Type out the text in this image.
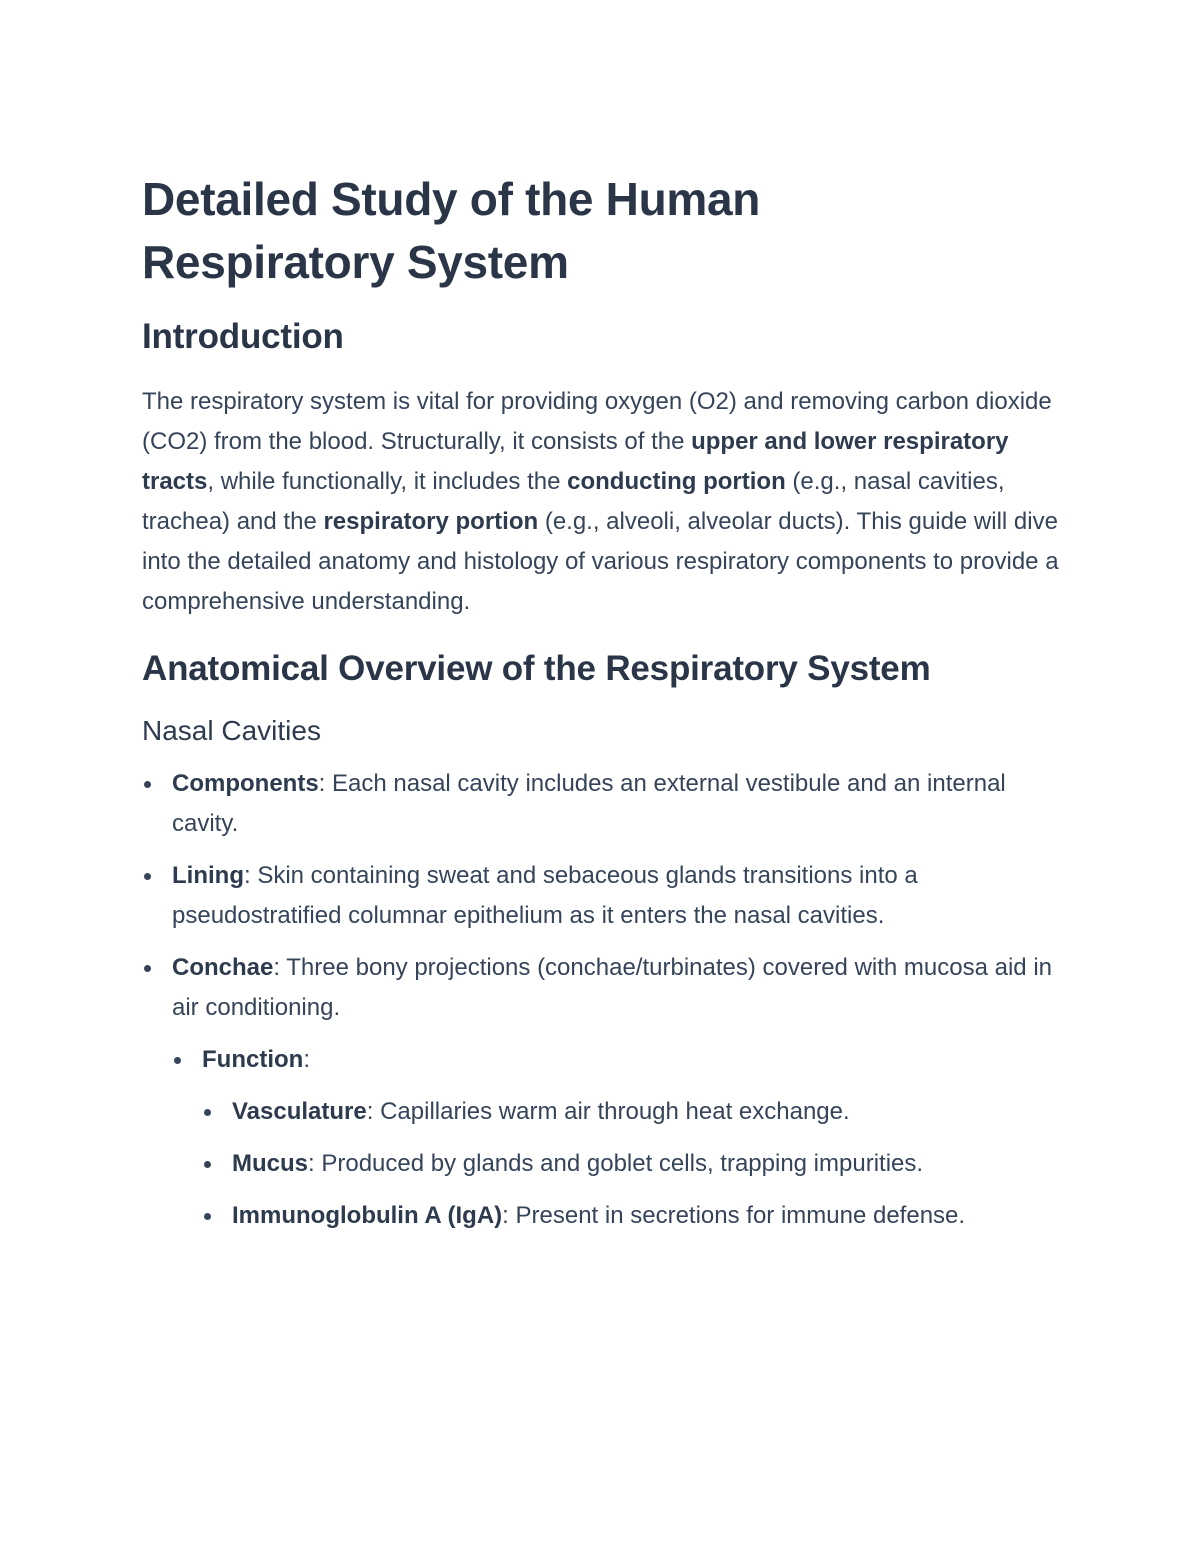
Detailed Study of the Human
Respiratory System
Introduction

The respiratory system is vital for providing oxygen (O2) and removing carbon dioxide (CO2) from the blood. Structurally, it consists of the upper and lower respiratory tracts, while functionally, it includes the conducting portion (e.g., nasal cavities, trachea) and the respiratory portion (e.g., alveoli, alveolar ducts). This guide will dive into the detailed anatomy and histology of various respiratory components to provide a comprehensive understanding.

Anatomical Overview of the Respiratory System
Nasal Cavities
Components: Each nasal cavity includes an external vestibule and an internal cavity.
Lining: Skin containing sweat and sebaceous glands transitions into a pseudostratified columnar epithelium as it enters the nasal cavities.
Conchae: Three bony projections (conchae/turbinates) covered with mucosa aid in air conditioning.
Function:
Vasculature: Capillaries warm air through heat exchange.
Mucus: Produced by glands and goblet cells, trapping impurities.
Immunoglobulin A (IgA): Present in secretions for immune defense.
